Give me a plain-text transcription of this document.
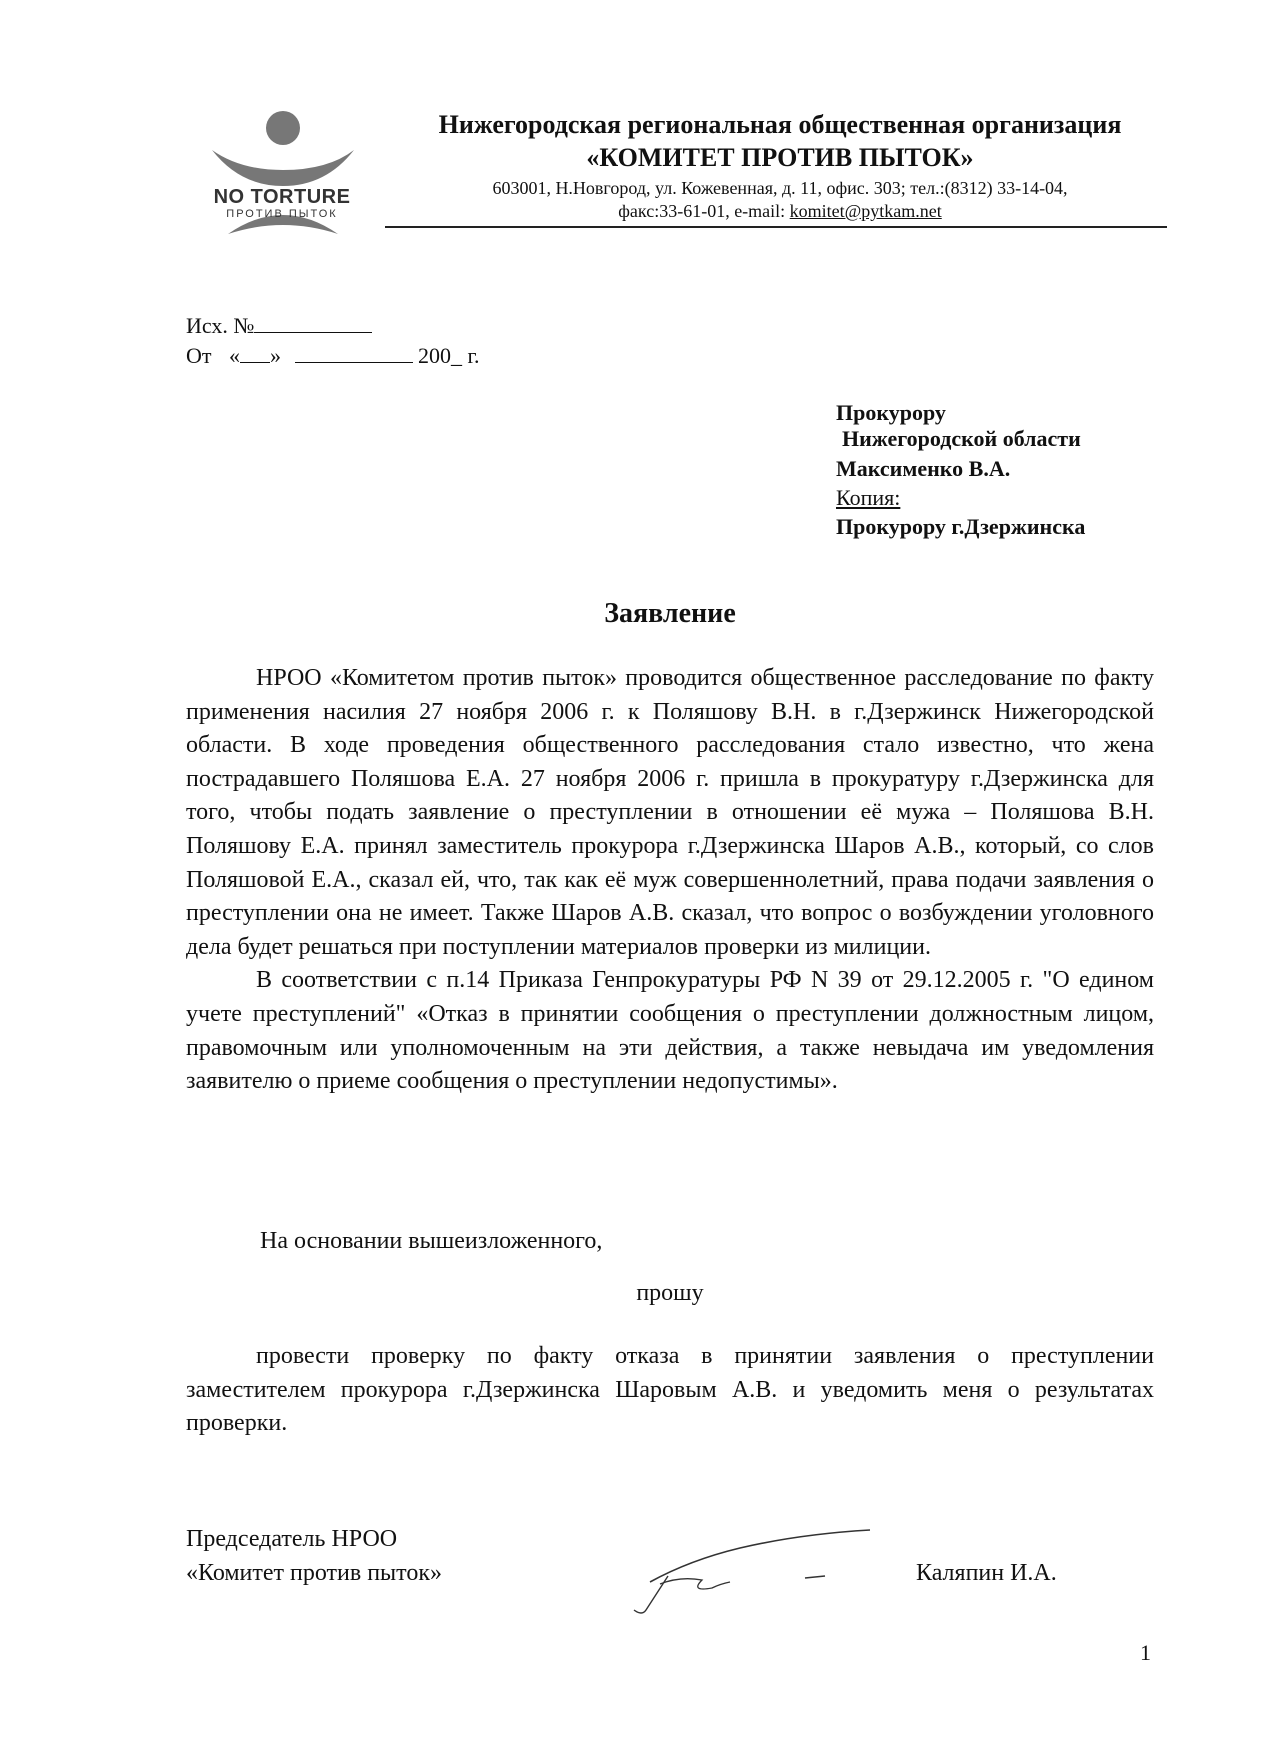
NO TORTURE
ПРОТИВ ПЫТОК
Нижегородская региональная общественная организация
«КОМИТЕТ ПРОТИВ ПЫТОК»
603001, Н.Новгород, ул. Кожевенная, д. 11, офис. 303; тел.:(8312) 33-14-04,
факс:33-61-01, e-mail: komitet@pytkam.net
Исх. №
От « »	200_ г.
Прокурору
Нижегородской области
Максименко В.А.
Копия:
Прокурору г.Дзержинска
Заявление

НРОО «Комитетом против пыток» проводится общественное расследование по факту применения насилия 27 ноября 2006 г. к Поляшову В.Н. в г.Дзержинск Нижегородской области. В ходе проведения общественного расследования стало известно, что жена пострадавшего Поляшова Е.А. 27 ноября 2006 г. пришла в прокуратуру г.Дзержинска для того, чтобы подать заявление о преступлении в отношении её мужа – Поляшова В.Н. Поляшову Е.А. принял заместитель прокурора г.Дзержинска Шаров А.В., который, со слов Поляшовой Е.А., сказал ей, что, так как её муж совершеннолетний, права подачи заявления о преступлении она не имеет. Также Шаров А.В. сказал, что вопрос о возбуждении уголовного дела будет решаться при поступлении материалов проверки из милиции.

В соответствии с п.14 Приказа Генпрокуратуры РФ N 39 от 29.12.2005 г. "О едином учете преступлений" «Отказ в принятии сообщения о преступлении должностным лицом, правомочным или уполномоченным на эти действия, а также невыдача им уведомления заявителю о приеме сообщения о преступлении недопустимы».

На основании вышеизложенного,
прошу

провести проверку по факту отказа в принятии заявления о преступлении заместителем прокурора г.Дзержинска Шаровым А.В. и уведомить меня о результатах проверки.

Председатель НРОО
«Комитет против пыток»	Каляпин И.А.
1
